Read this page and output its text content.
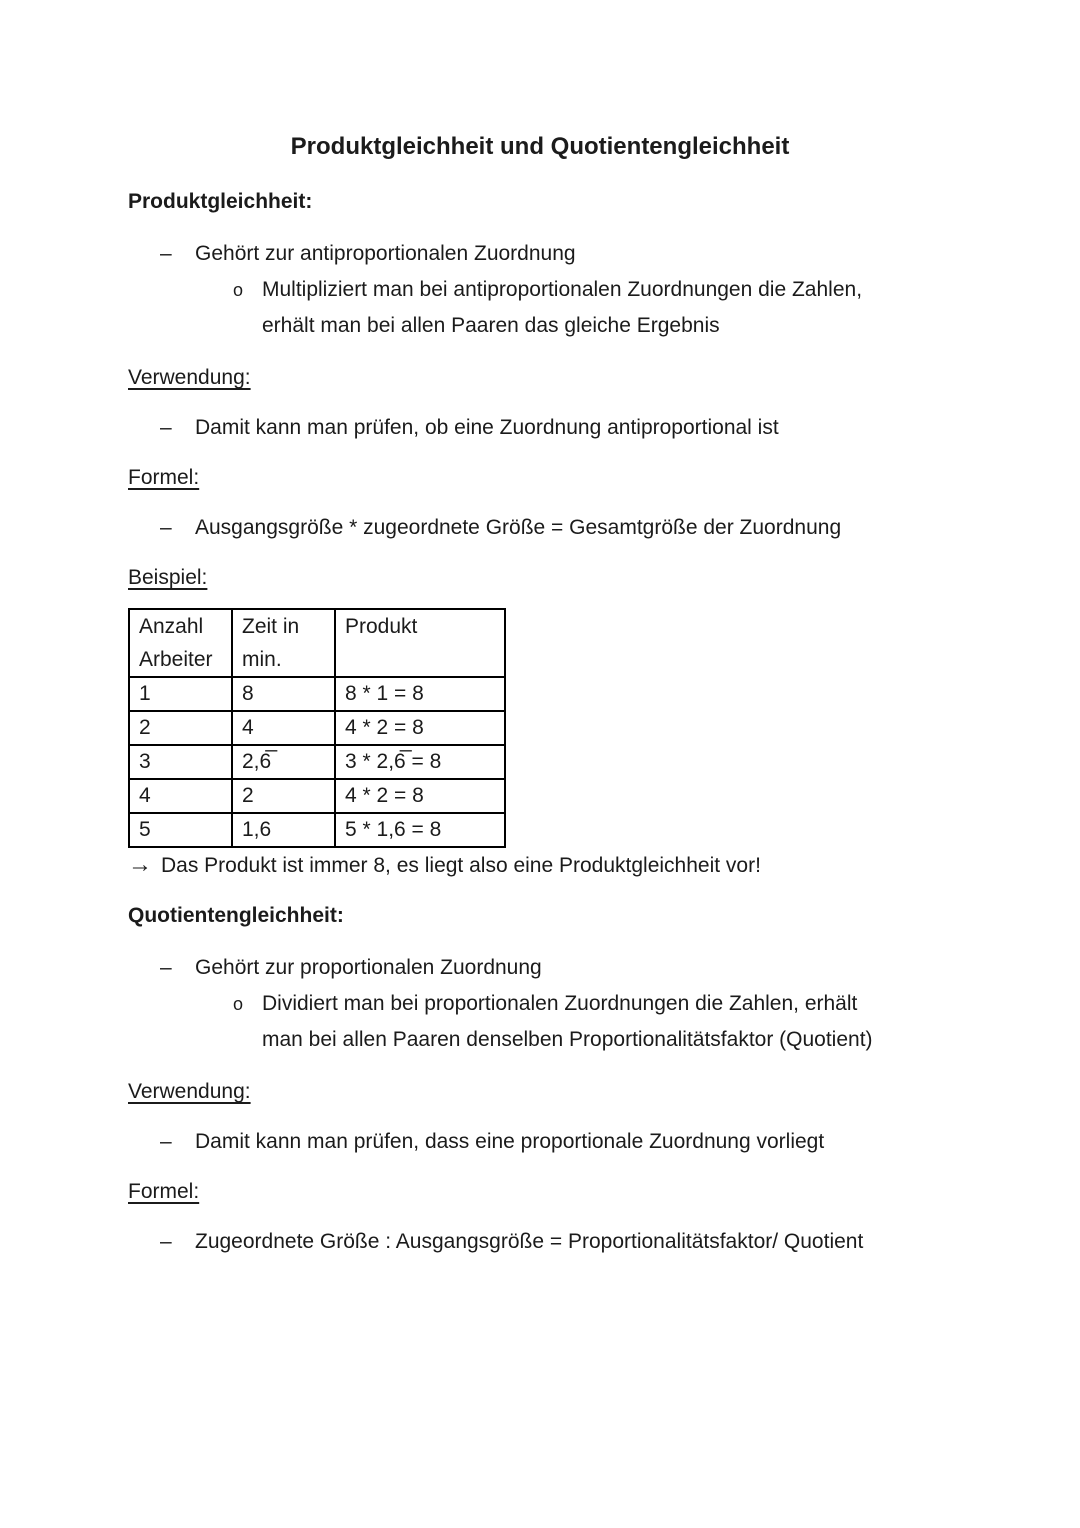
Produktgleichheit und Quotientengleichheit
Produktgleichheit:
–	Gehört zur antiproportionalen Zuordnung
o Multipliziert man bei antiproportionalen Zuordnungen die Zahlen, erhält man bei allen Paaren das gleiche Ergebnis
Verwendung:
–	Damit kann man prüfen, ob eine Zuordnung antiproportional ist
Formel:
–	Ausgangsgröße * zugeordnete Größe = Gesamtgröße der Zuordnung
Beispiel:
Anzahl Arbeiter	Zeit in min.	Produkt
1	8	8 * 1 = 8
2	4	4 * 2 = 8
3	2,6̅	3 * 2,6̅ = 8
4	2	4 * 2 = 8
5	1,6	5 * 1,6 = 8
→ Das Produkt ist immer 8, es liegt also eine Produktgleichheit vor!
Quotientengleichheit:
–	Gehört zur proportionalen Zuordnung
o Dividiert man bei proportionalen Zuordnungen die Zahlen, erhält man bei allen Paaren denselben Proportionalitätsfaktor (Quotient)
Verwendung:
–	Damit kann man prüfen, dass eine proportionale Zuordnung vorliegt
Formel:
–	Zugeordnete Größe : Ausgangsgröße = Proportionalitätsfaktor/ Quotient
